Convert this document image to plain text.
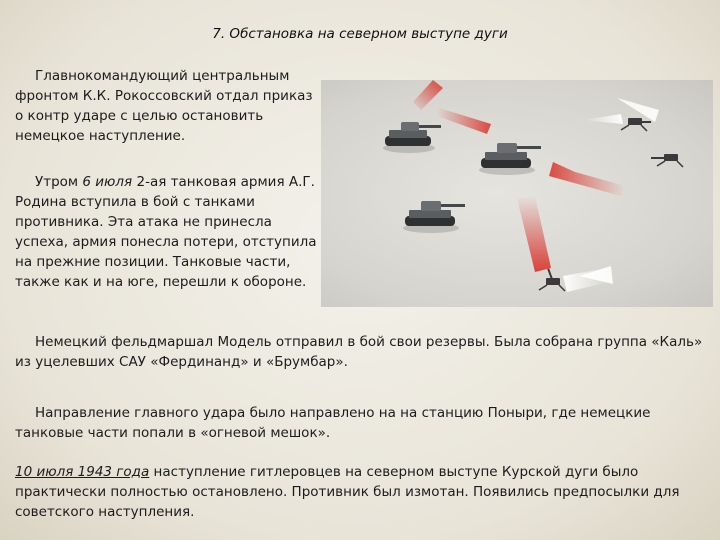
7. Обстановка на северном выступе дуги

Главнокомандующий центральным фронтом К.К. Рокоссовский отдал приказ о контр ударе с целью остановить немецкое наступление.

Утром 6 июля 2-ая танковая армия А.Г. Родина вступила в бой с танками противника. Эта атака не принесла успеха, армия понесла потери, отступила на прежние позиции. Танковые части, также как и на юге, перешли к обороне.

Немецкий фельдмаршал Модель отправил в бой свои резервы. Была собрана группа «Каль» из уцелевших САУ «Фердинанд» и «Брумбар».

Направление главного удара было направлено на на станцию Поныри, где немецкие танковые части попали в «огневой мешок».

10 июля 1943 года наступление гитлеровцев на северном выступе Курской дуги было практически полностью остановлено. Противник был измотан. Появились предпосылки для советского наступления.
